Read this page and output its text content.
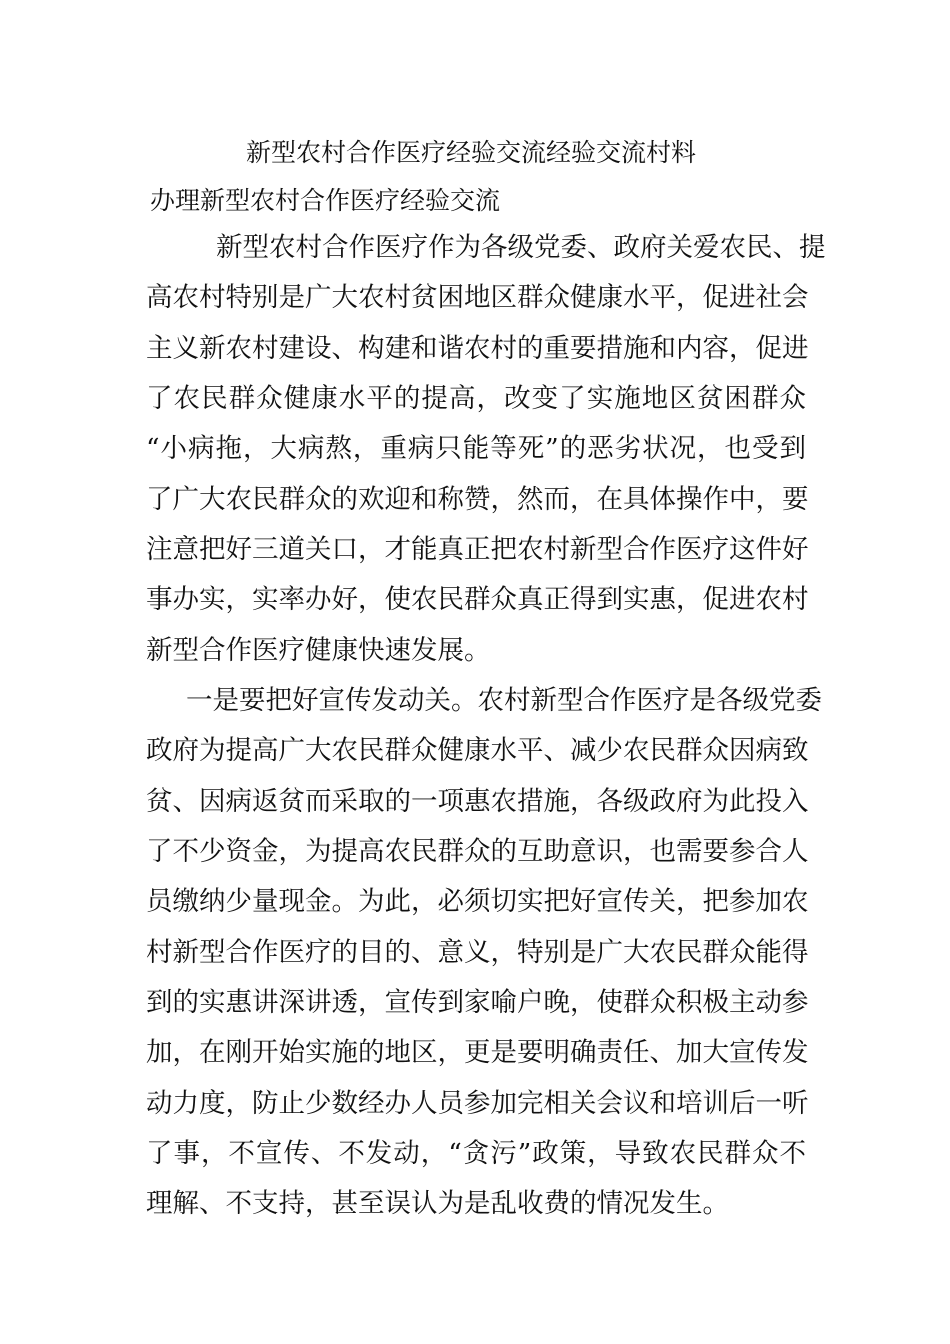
新型农村合作医疗经验交流经验交流村料
办理新型农村合作医疗经验交流
新型农村合作医疗作为各级党委、政府关爱农民、提
高农村特别是广大农村贫困地区群众健康水平，促进社会
主义新农村建设、构建和谐农村的重要措施和内容，促进
了农民群众健康水平的提高，改变了实施地区贫困群众
“小病拖，大病熬，重病只能等死”的恶劣状况，也受到
了广大农民群众的欢迎和称赞，然而，在具体操作中，要
注意把好三道关口，才能真正把农村新型合作医疗这件好
事办实，实率办好，使农民群众真正得到实惠，促进农村
新型合作医疗健康快速发展。
一是要把好宣传发动关。农村新型合作医疗是各级党委
政府为提高广大农民群众健康水平、减少农民群众因病致
贫、因病返贫而采取的一项惠农措施，各级政府为此投入
了不少资金，为提高农民群众的互助意识，也需要参合人
员缴纳少量现金。为此，必须切实把好宣传关，把参加农
村新型合作医疗的目的、意义，特别是广大农民群众能得
到的实惠讲深讲透，宣传到家喻户晚，使群众积极主动参
加，在刚开始实施的地区，更是要明确责任、加大宣传发
动力度，防止少数经办人员参加完相关会议和培训后一听
了事，不宣传、不发动，“贪污”政策，导致农民群众不
理解、不支持，甚至误认为是乱收费的情况发生。
